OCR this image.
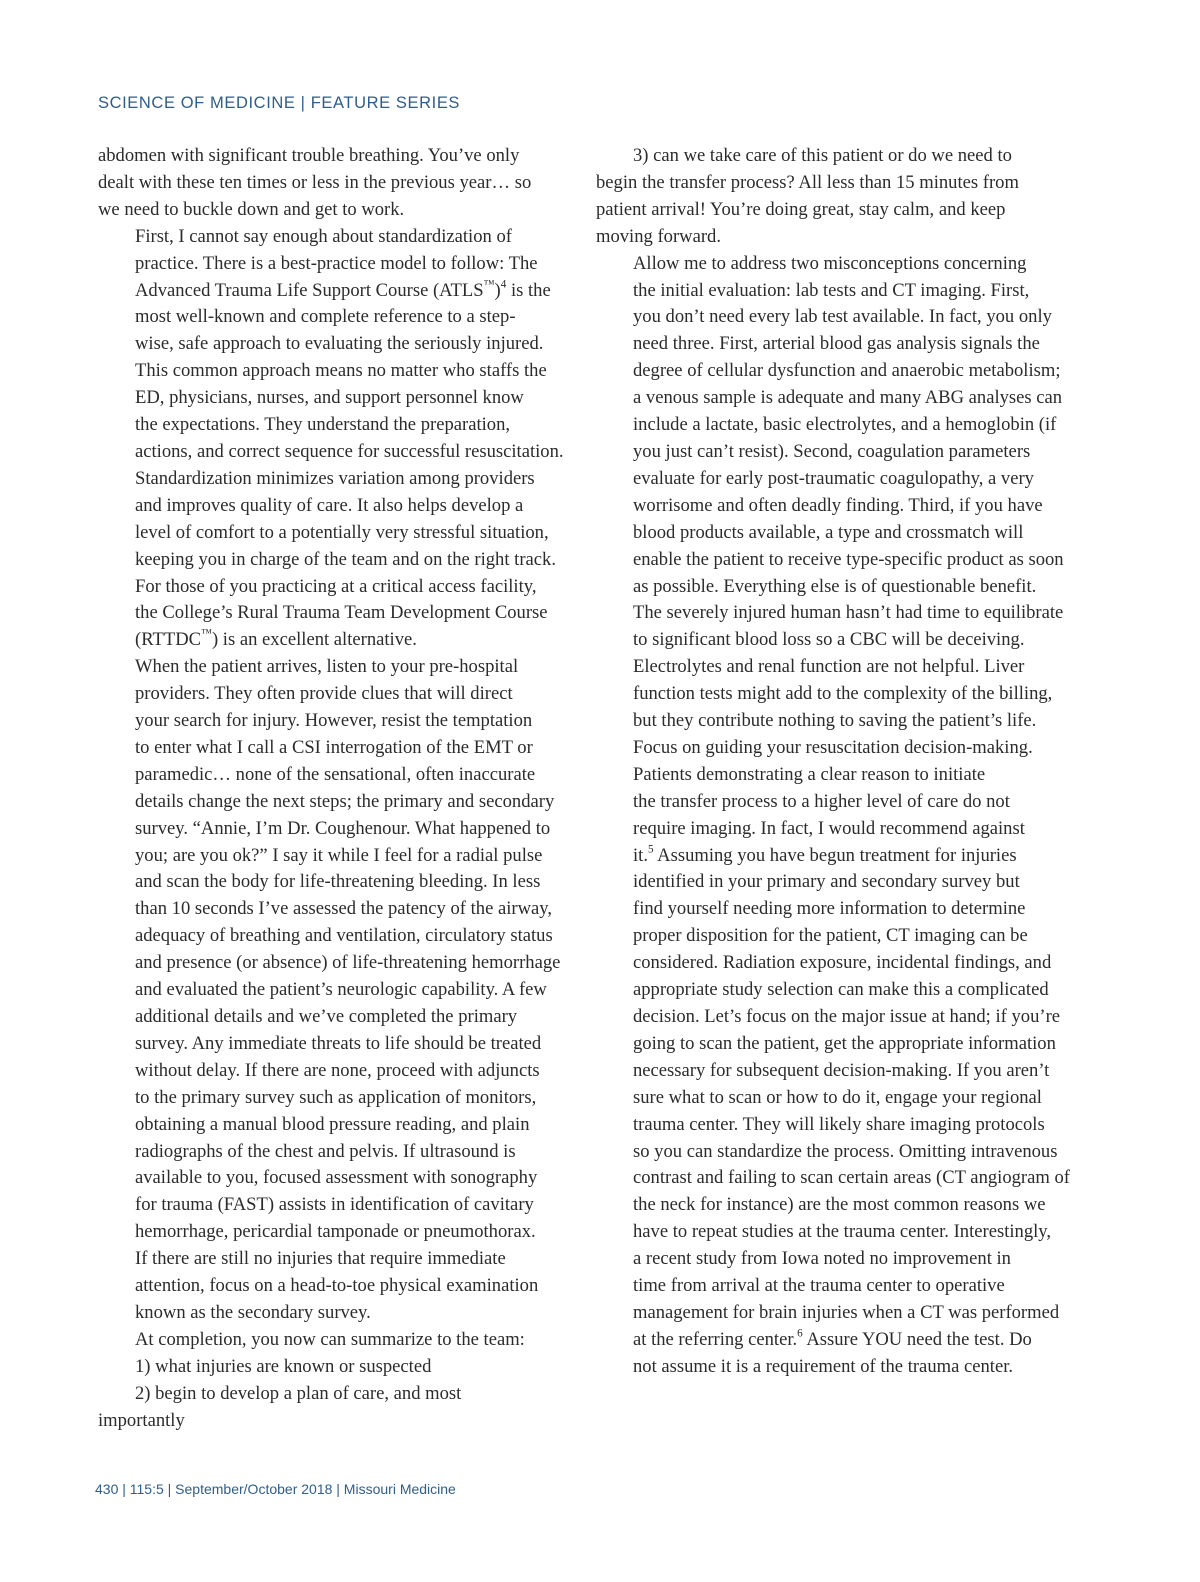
SCIENCE OF MEDICINE | FEATURE SERIES

abdomen with significant trouble breathing. You’ve only
dealt with these ten times or less in the previous year… so
we need to buckle down and get to work.

First, I cannot say enough about standardization of
practice. There is a best-practice model to follow: The
Advanced Trauma Life Support Course (ATLS™)$^4$ is the
most well-known and complete reference to a step-
wise, safe approach to evaluating the seriously injured.
This common approach means no matter who staffs the
ED, physicians, nurses, and support personnel know
the expectations. They understand the preparation,
actions, and correct sequence for successful resuscitation.
Standardization minimizes variation among providers
and improves quality of care. It also helps develop a
level of comfort to a potentially very stressful situation,
keeping you in charge of the team and on the right track.
For those of you practicing at a critical access facility,
the College’s Rural Trauma Team Development Course
(RTTDC™) is an excellent alternative.

When the patient arrives, listen to your pre-hospital
providers. They often provide clues that will direct
your search for injury. However, resist the temptation
to enter what I call a CSI interrogation of the EMT or
paramedic… none of the sensational, often inaccurate
details change the next steps; the primary and secondary
survey. “Annie, I’m Dr. Coughenour. What happened to
you; are you ok?” I say it while I feel for a radial pulse
and scan the body for life-threatening bleeding. In less
than 10 seconds I’ve assessed the patency of the airway,
adequacy of breathing and ventilation, circulatory status
and presence (or absence) of life-threatening hemorrhage
and evaluated the patient’s neurologic capability. A few
additional details and we’ve completed the primary
survey. Any immediate threats to life should be treated
without delay. If there are none, proceed with adjuncts
to the primary survey such as application of monitors,
obtaining a manual blood pressure reading, and plain
radiographs of the chest and pelvis. If ultrasound is
available to you, focused assessment with sonography
for trauma (FAST) assists in identification of cavitary
hemorrhage, pericardial tamponade or pneumothorax.
If there are still no injuries that require immediate
attention, focus on a head-to-toe physical examination
known as the secondary survey.

At completion, you now can summarize to the team:

1) what injuries are known or suspected

2) begin to develop a plan of care, and most

importantly

3) can we take care of this patient or do we need to

begin the transfer process? All less than 15 minutes from
patient arrival! You’re doing great, stay calm, and keep
moving forward.

Allow me to address two misconceptions concerning
the initial evaluation: lab tests and CT imaging. First,
you don’t need every lab test available. In fact, you only
need three. First, arterial blood gas analysis signals the
degree of cellular dysfunction and anaerobic metabolism;
a venous sample is adequate and many ABG analyses can
include a lactate, basic electrolytes, and a hemoglobin (if
you just can’t resist). Second, coagulation parameters
evaluate for early post-traumatic coagulopathy, a very
worrisome and often deadly finding. Third, if you have
blood products available, a type and crossmatch will
enable the patient to receive type-specific product as soon
as possible. Everything else is of questionable benefit.
The severely injured human hasn’t had time to equilibrate
to significant blood loss so a CBC will be deceiving.
Electrolytes and renal function are not helpful. Liver
function tests might add to the complexity of the billing,
but they contribute nothing to saving the patient’s life.
Focus on guiding your resuscitation decision-making.

Patients demonstrating a clear reason to initiate
the transfer process to a higher level of care do not
require imaging. In fact, I would recommend against
it.$^5$ Assuming you have begun treatment for injuries
identified in your primary and secondary survey but
find yourself needing more information to determine
proper disposition for the patient, CT imaging can be
considered. Radiation exposure, incidental findings, and
appropriate study selection can make this a complicated
decision. Let’s focus on the major issue at hand; if you’re
going to scan the patient, get the appropriate information
necessary for subsequent decision-making. If you aren’t
sure what to scan or how to do it, engage your regional
trauma center. They will likely share imaging protocols
so you can standardize the process. Omitting intravenous
contrast and failing to scan certain areas (CT angiogram of
the neck for instance) are the most common reasons we
have to repeat studies at the trauma center. Interestingly,
a recent study from Iowa noted no improvement in
time from arrival at the trauma center to operative
management for brain injuries when a CT was performed
at the referring center.$^6$ Assure YOU need the test. Do
not assume it is a requirement of the trauma center.

430 | 115:5 | September/October 2018 | Missouri Medicine
